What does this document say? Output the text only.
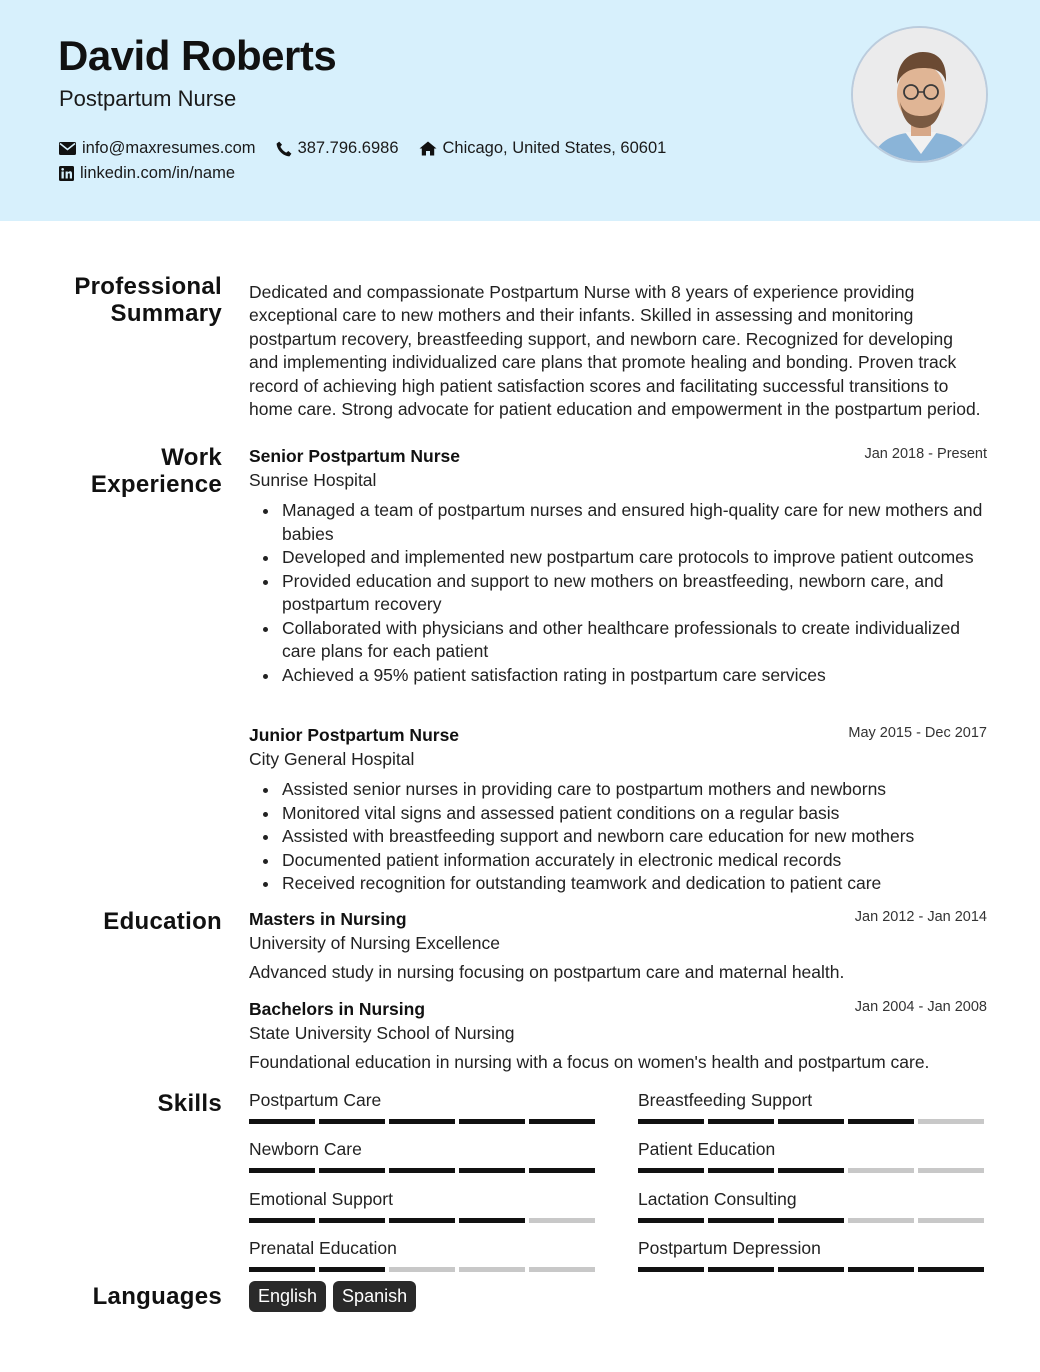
David Roberts
Postpartum Nurse
info@maxresumes.com	387.796.6986	Chicago, United States, 60601
linkedin.com/in/name
Professional Summary
Dedicated and compassionate Postpartum Nurse with 8 years of experience providing exceptional care to new mothers and their infants. Skilled in assessing and monitoring postpartum recovery, breastfeeding support, and newborn care. Recognized for developing and implementing individualized care plans that promote healing and bonding. Proven track record of achieving high patient satisfaction scores and facilitating successful transitions to home care. Strong advocate for patient education and empowerment in the postpartum period.
Work Experience
Jan 2018 - Present
Senior Postpartum Nurse
Sunrise Hospital
Managed a team of postpartum nurses and ensured high-quality care for new mothers and babies
Developed and implemented new postpartum care protocols to improve patient outcomes
Provided education and support to new mothers on breastfeeding, newborn care, and postpartum recovery
Collaborated with physicians and other healthcare professionals to create individualized care plans for each patient
Achieved a 95% patient satisfaction rating in postpartum care services
May 2015 - Dec 2017
Junior Postpartum Nurse
City General Hospital
Assisted senior nurses in providing care to postpartum mothers and newborns
Monitored vital signs and assessed patient conditions on a regular basis
Assisted with breastfeeding support and newborn care education for new mothers
Documented patient information accurately in electronic medical records
Received recognition for outstanding teamwork and dedication to patient care
Education	Jan 2012 - Jan 2014
Masters in Nursing
University of Nursing Excellence
Advanced study in nursing focusing on postpartum care and maternal health.
Jan 2004 - Jan 2008
Bachelors in Nursing
State University School of Nursing
Foundational education in nursing with a focus on women's health and postpartum care.
Skills Postpartum Care	Breastfeeding Support
Newborn Care	Patient Education
Emotional Support	Lactation Consulting
Prenatal Education	Postpartum Depression
Languages	English	Spanish
